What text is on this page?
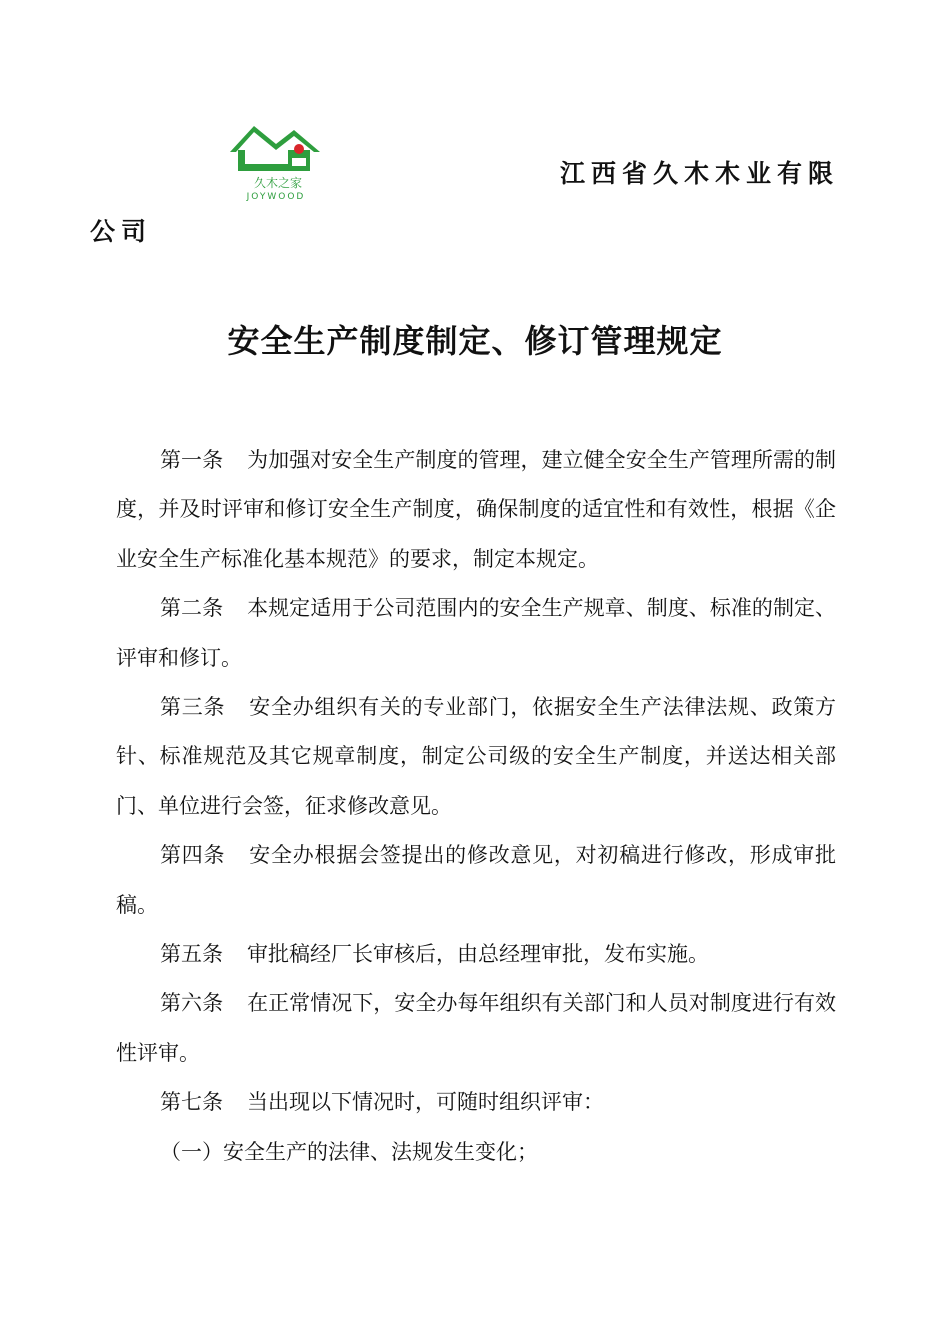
久木之家
JOYWOOD
江西省久木木业有限
公司
安全生产制度制定、修订管理规定

第一条 为加强对安全生产制度的管理，建立健全安全生产管理所需的制度，并及时评审和修订安全生产制度，确保制度的适宜性和有效性，根据《企业安全生产标准化基本规范》的要求，制定本规定。

第二条 本规定适用于公司范围内的安全生产规章、制度、标准的制定、评审和修订。

第三条 安全办组织有关的专业部门，依据安全生产法律法规、政策方针、标准规范及其它规章制度，制定公司级的安全生产制度，并送达相关部门、单位进行会签，征求修改意见。

第四条 安全办根据会签提出的修改意见，对初稿进行修改，形成审批稿。

第五条 审批稿经厂长审核后，由总经理审批，发布实施。

第六条 在正常情况下，安全办每年组织有关部门和人员对制度进行有效性评审。

第七条 当出现以下情况时，可随时组织评审：

（一）安全生产的法律、法规发生变化；
